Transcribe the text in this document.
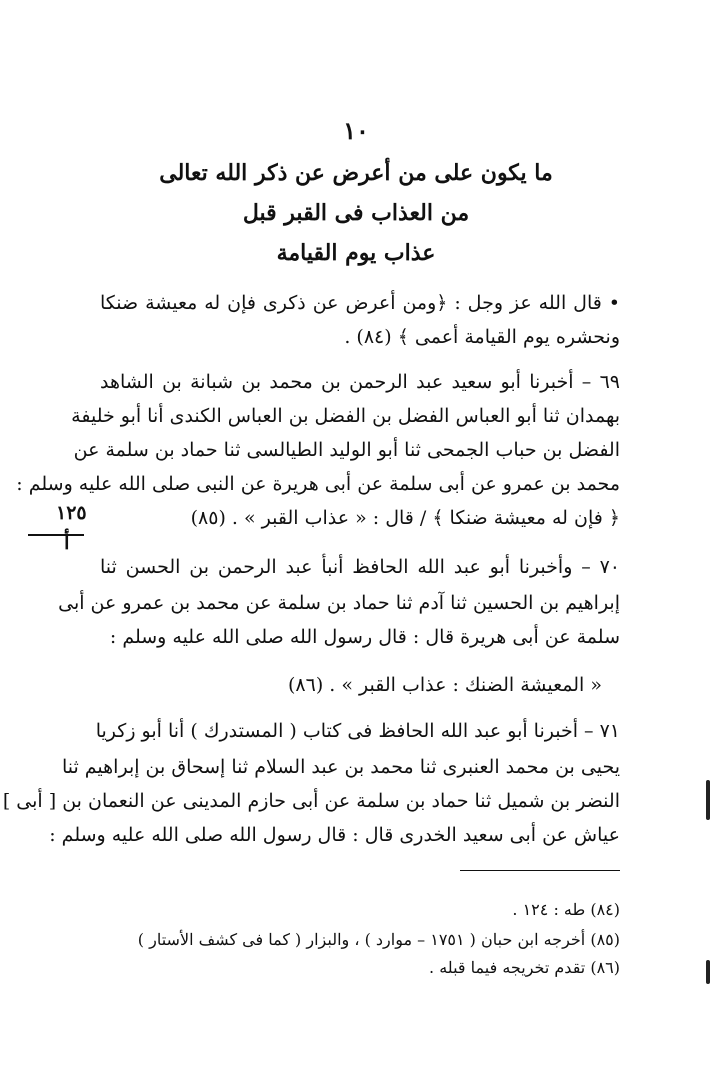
١٠
ما يكون على من أعرض عن ذكر الله تعالى
من العذاب فى القبر قبل
عذاب يوم القيامة
• قال الله عز وجل : ﴿ومن أعرض عن ذكرى فإن له معيشة ضنكا
ونحشره يوم القيامة أعمى ﴾ (٨٤) .
٦٩ – أخبرنا أبو سعيد عبد الرحمن بن محمد بن شبانة بن الشاهد
بهمدان ثنا أبو العباس الفضل بن الفضل بن العباس الكندى أنا أبو خليفة
الفضل بن حباب الجمحى ثنا أبو الوليد الطيالسى ثنا حماد بن سلمة عن
محمد بن عمرو عن أبى سلمة عن أبى هريرة عن النبى صلى الله عليه وسلم :
﴿ فإن له معيشة ضنكا ﴾ / قال : « عذاب القبر » . (٨٥)
١٢٥
أ
٧٠ – وأخبرنا أبو عبد الله الحافظ أنبأ عبد الرحمن بن الحسن ثنا
إبراهيم بن الحسين ثنا آدم ثنا حماد بن سلمة عن محمد بن عمرو عن أبى
سلمة عن أبى هريرة قال : قال رسول الله صلى الله عليه وسلم :
« المعيشة الضنك : عذاب القبر » . (٨٦)
٧١ – أخبرنا أبو عبد الله الحافظ فى كتاب ( المستدرك ) أنا أبو زكريا
يحيى بن محمد العنبرى ثنا محمد بن عبد السلام ثنا إسحاق بن إبراهيم ثنا
النضر بن شميل ثنا حماد بن سلمة عن أبى حازم المدينى عن النعمان بن [ أبى ]
عياش عن أبى سعيد الخدرى قال : قال رسول الله صلى الله عليه وسلم :
(٨٤) طه : ١٢٤ .
(٨٥) أخرجه ابن حبان ( ١٧٥١ – موارد ) ، والبزار ( كما فى كشف الأستار )
(٨٦) تقدم تخريجه فيما قبله .
